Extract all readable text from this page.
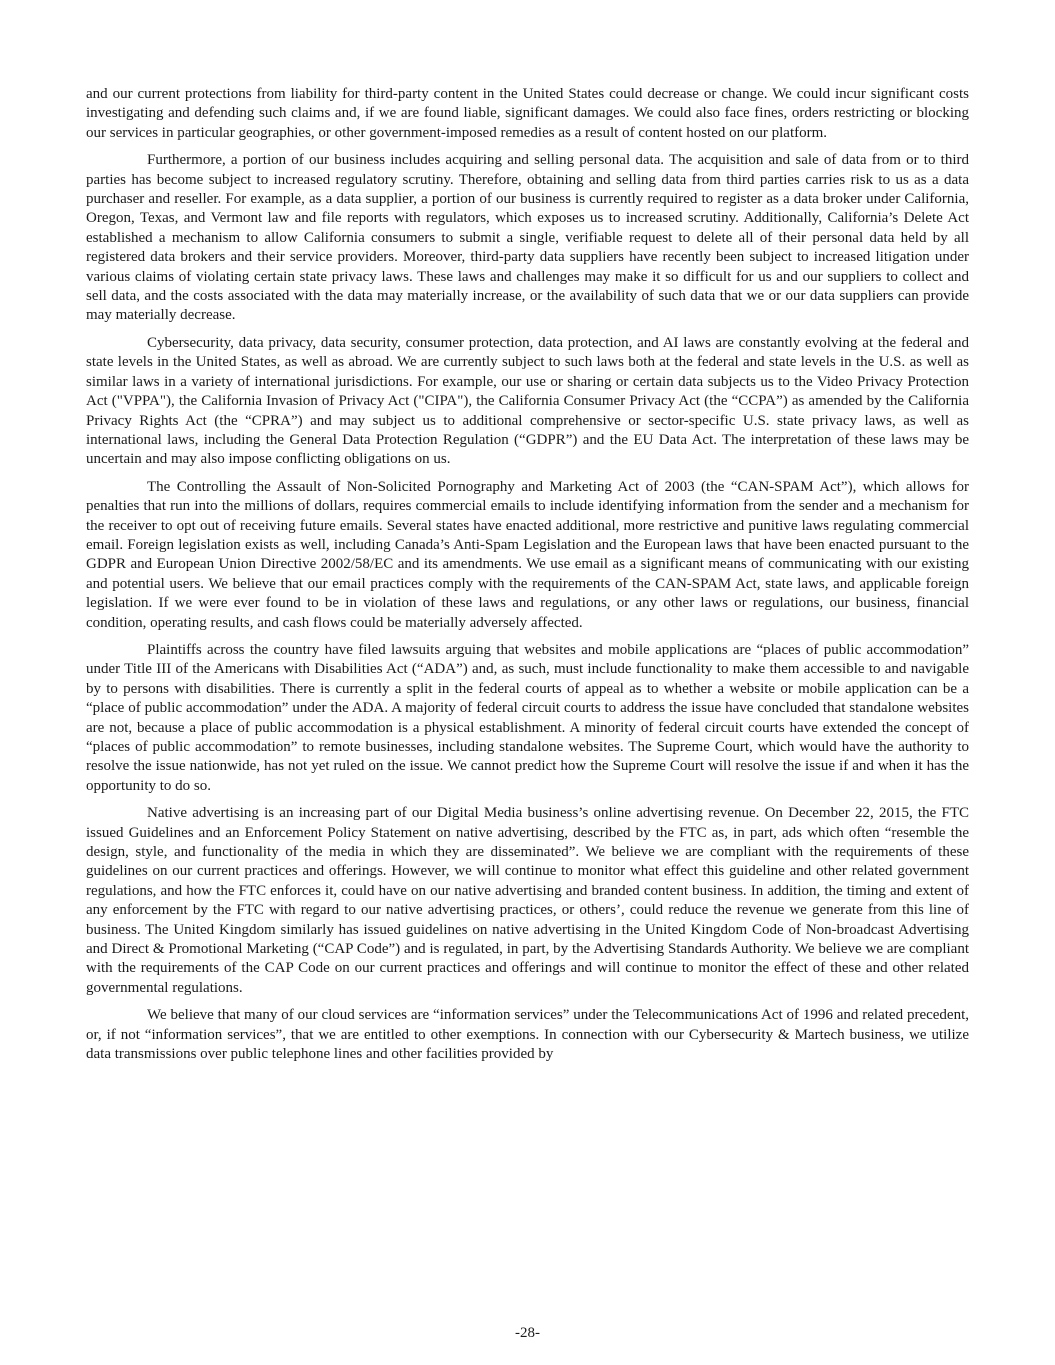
and our current protections from liability for third-party content in the United States could decrease or change. We could incur significant costs investigating and defending such claims and, if we are found liable, significant damages. We could also face fines, orders restricting or blocking our services in particular geographies, or other government-imposed remedies as a result of content hosted on our platform.

Furthermore, a portion of our business includes acquiring and selling personal data. The acquisition and sale of data from or to third parties has become subject to increased regulatory scrutiny. Therefore, obtaining and selling data from third parties carries risk to us as a data purchaser and reseller. For example, as a data supplier, a portion of our business is currently required to register as a data broker under California, Oregon, Texas, and Vermont law and file reports with regulators, which exposes us to increased scrutiny. Additionally, California’s Delete Act established a mechanism to allow California consumers to submit a single, verifiable request to delete all of their personal data held by all registered data brokers and their service providers. Moreover, third-party data suppliers have recently been subject to increased litigation under various claims of violating certain state privacy laws. These laws and challenges may make it so difficult for us and our suppliers to collect and sell data, and the costs associated with the data may materially increase, or the availability of such data that we or our data suppliers can provide may materially decrease.

Cybersecurity, data privacy, data security, consumer protection, data protection, and AI laws are constantly evolving at the federal and state levels in the United States, as well as abroad. We are currently subject to such laws both at the federal and state levels in the U.S. as well as similar laws in a variety of international jurisdictions. For example, our use or sharing or certain data subjects us to the Video Privacy Protection Act ("VPPA"), the California Invasion of Privacy Act ("CIPA"), the California Consumer Privacy Act (the “CCPA”) as amended by the California Privacy Rights Act (the “CPRA”) and may subject us to additional comprehensive or sector-specific U.S. state privacy laws, as well as international laws, including the General Data Protection Regulation (“GDPR”) and the EU Data Act. The interpretation of these laws may be uncertain and may also impose conflicting obligations on us.

The Controlling the Assault of Non-Solicited Pornography and Marketing Act of 2003 (the “CAN-SPAM Act”), which allows for penalties that run into the millions of dollars, requires commercial emails to include identifying information from the sender and a mechanism for the receiver to opt out of receiving future emails. Several states have enacted additional, more restrictive and punitive laws regulating commercial email. Foreign legislation exists as well, including Canada’s Anti-Spam Legislation and the European laws that have been enacted pursuant to the GDPR and European Union Directive 2002/58/EC and its amendments. We use email as a significant means of communicating with our existing and potential users. We believe that our email practices comply with the requirements of the CAN-SPAM Act, state laws, and applicable foreign legislation. If we were ever found to be in violation of these laws and regulations, or any other laws or regulations, our business, financial condition, operating results, and cash flows could be materially adversely affected.

Plaintiffs across the country have filed lawsuits arguing that websites and mobile applications are “places of public accommodation” under Title III of the Americans with Disabilities Act (“ADA”) and, as such, must include functionality to make them accessible to and navigable by to persons with disabilities. There is currently a split in the federal courts of appeal as to whether a website or mobile application can be a “place of public accommodation” under the ADA. A majority of federal circuit courts to address the issue have concluded that standalone websites are not, because a place of public accommodation is a physical establishment. A minority of federal circuit courts have extended the concept of “places of public accommodation” to remote businesses, including standalone websites. The Supreme Court, which would have the authority to resolve the issue nationwide, has not yet ruled on the issue. We cannot predict how the Supreme Court will resolve the issue if and when it has the opportunity to do so.

Native advertising is an increasing part of our Digital Media business’s online advertising revenue. On December 22, 2015, the FTC issued Guidelines and an Enforcement Policy Statement on native advertising, described by the FTC as, in part, ads which often “resemble the design, style, and functionality of the media in which they are disseminated”. We believe we are compliant with the requirements of these guidelines on our current practices and offerings. However, we will continue to monitor what effect this guideline and other related government regulations, and how the FTC enforces it, could have on our native advertising and branded content business. In addition, the timing and extent of any enforcement by the FTC with regard to our native advertising practices, or others’, could reduce the revenue we generate from this line of business. The United Kingdom similarly has issued guidelines on native advertising in the United Kingdom Code of Non-broadcast Advertising and Direct & Promotional Marketing (“CAP Code”) and is regulated, in part, by the Advertising Standards Authority. We believe we are compliant with the requirements of the CAP Code on our current practices and offerings and will continue to monitor the effect of these and other related governmental regulations.

We believe that many of our cloud services are “information services” under the Telecommunications Act of 1996 and related precedent, or, if not “information services”, that we are entitled to other exemptions. In connection with our Cybersecurity & Martech business, we utilize data transmissions over public telephone lines and other facilities provided by

-28-
